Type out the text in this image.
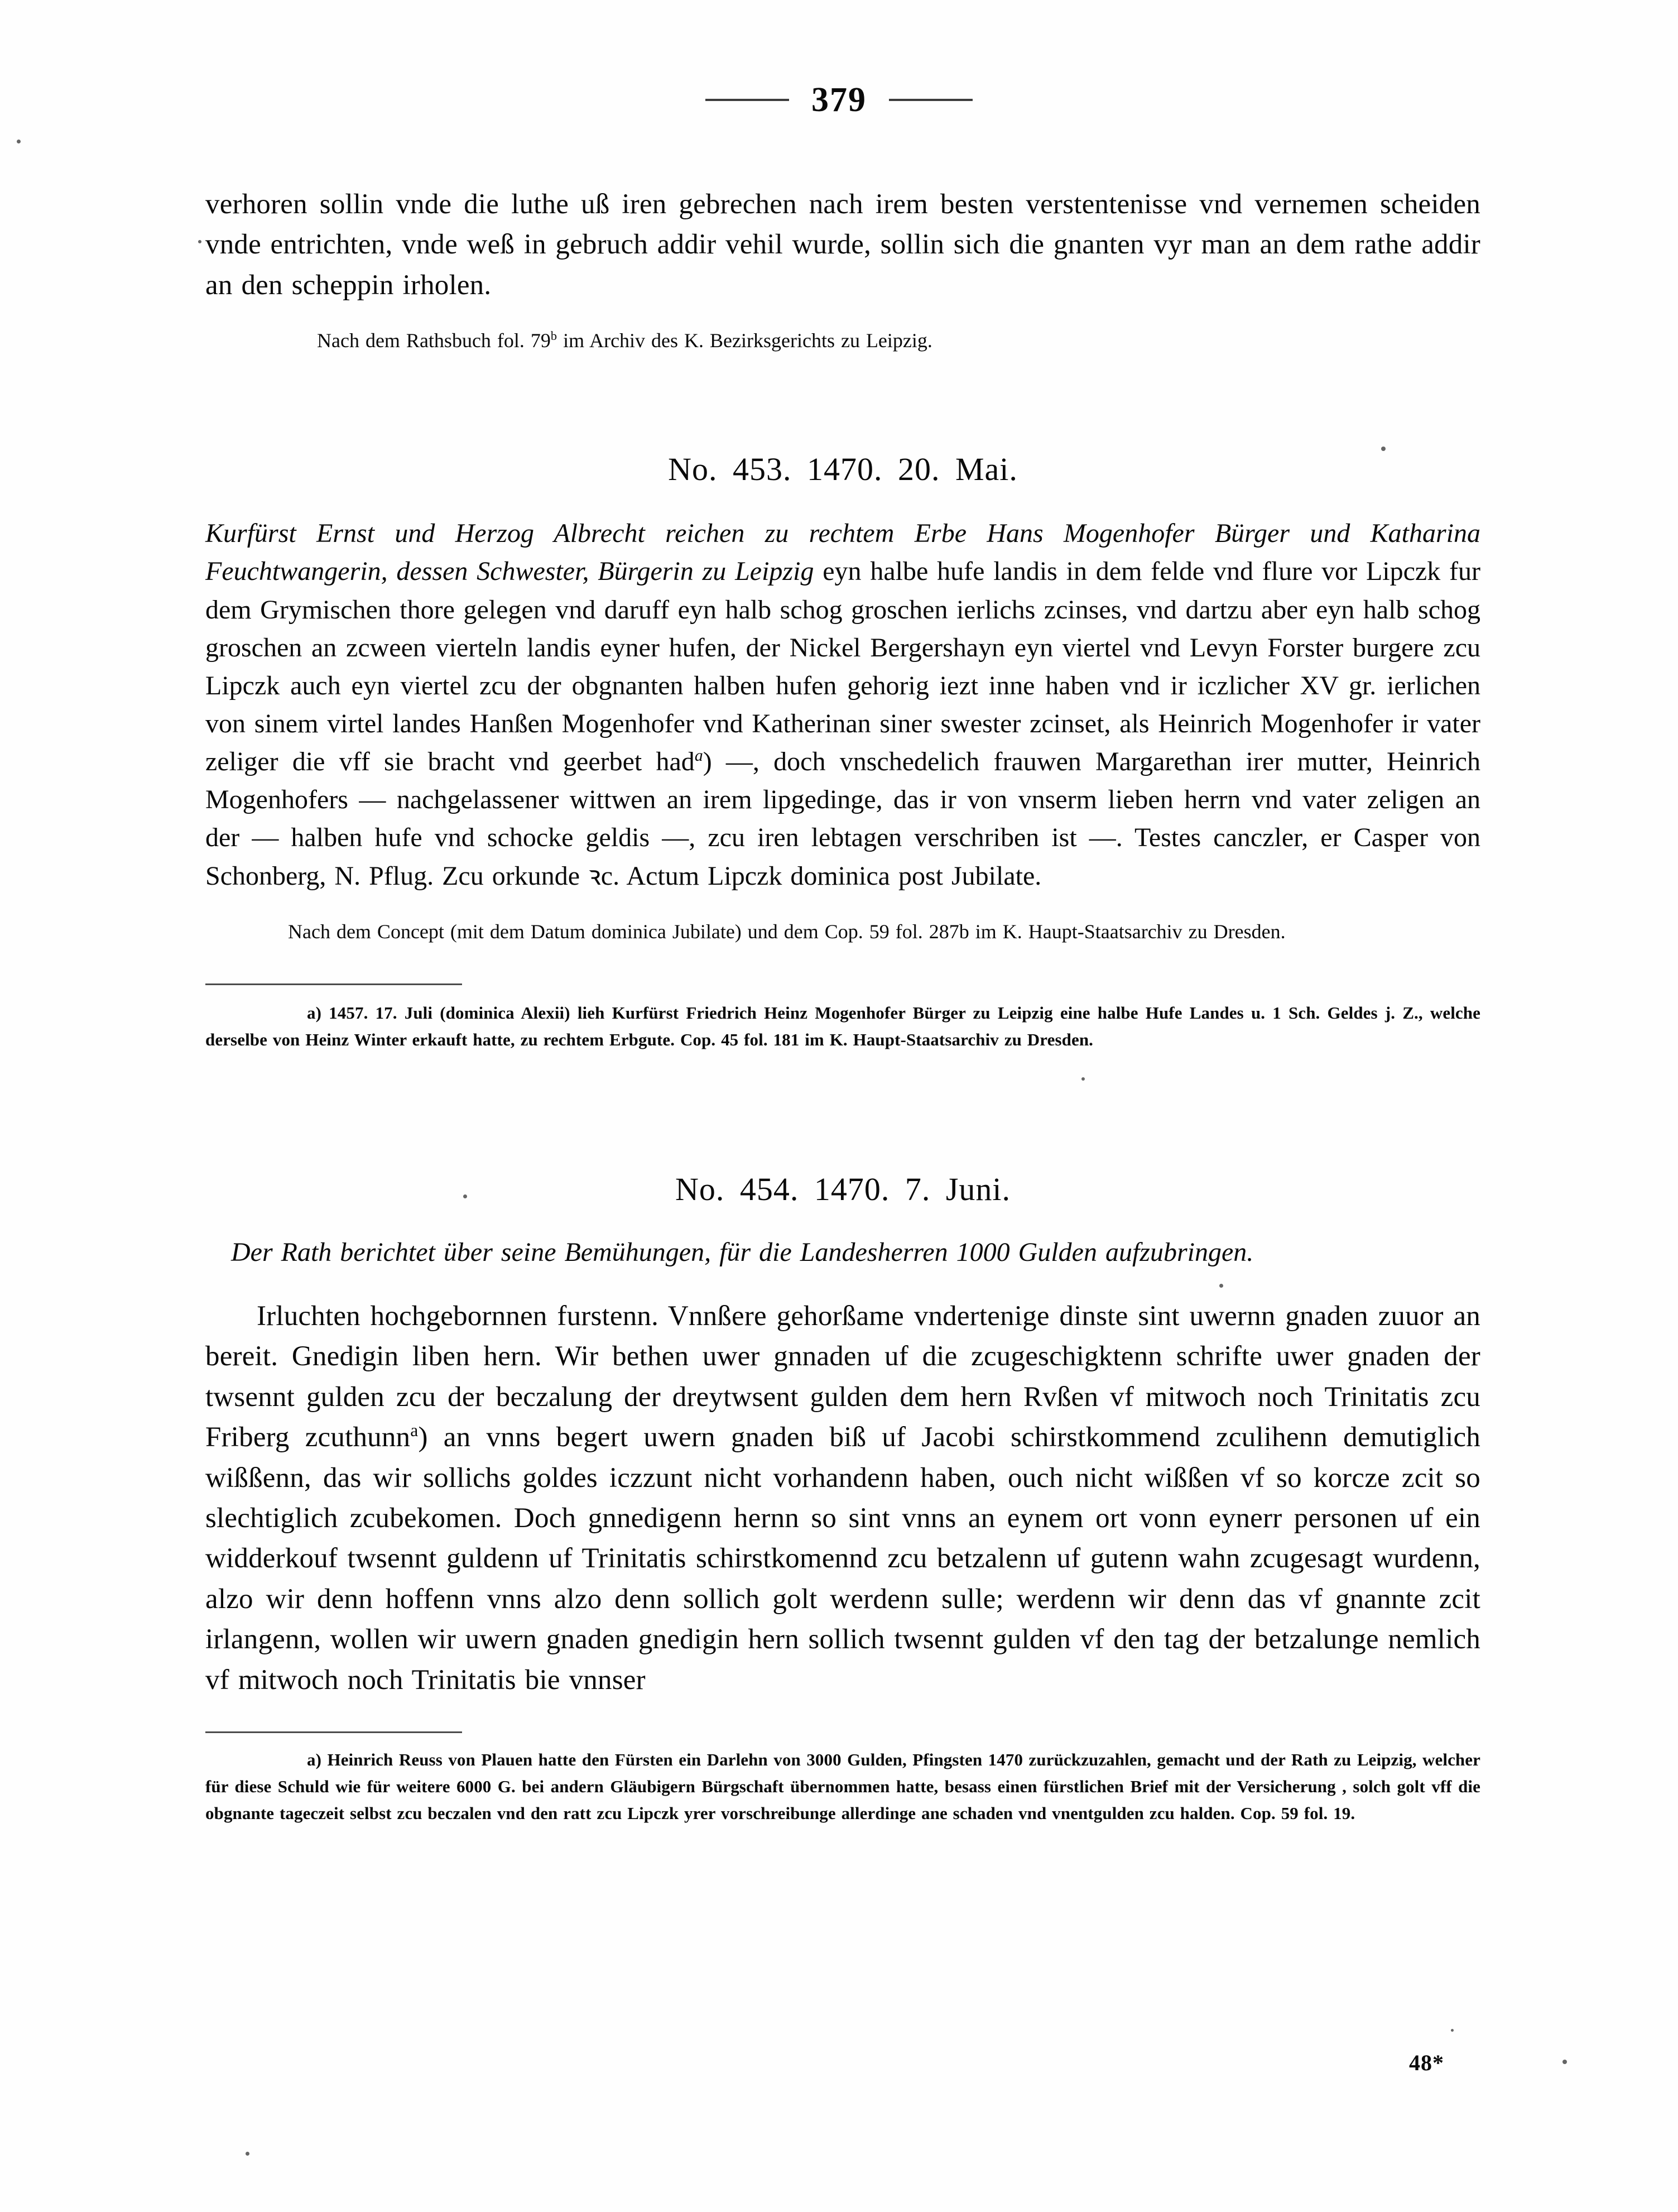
379

verhoren sollin vnde die luthe uß iren gebrechen nach irem besten verstentenisse vnd vernemen scheiden vnde entrichten, vnde weß in gebruch addir vehil wurde, sollin sich die gnanten vyr man an dem rathe addir an den scheppin irholen.

Nach dem Rathsbuch fol. 79$^b$ im Archiv des K. Bezirksgerichts zu Leipzig.

No. 453. 1470. 20. Mai.

Kurfürst Ernst und Herzog Albrecht reichen zu rechtem Erbe Hans Mogenhofer Bürger und Katharina Feuchtwangerin, dessen Schwester, Bürgerin zu Leipzig eyn halbe hufe landis in dem felde vnd flure vor Lipczk fur dem Grymischen thore gelegen vnd daruff eyn halb schog groschen ierlichs zcinses, vnd dartzu aber eyn halb schog groschen an zcween vierteln landis eyner hufen, der Nickel Bergershayn eyn viertel vnd Levyn Forster burgere zcu Lipczk auch eyn viertel zcu der obgnanten halben hufen gehorig iezt inne haben vnd ir iczlicher XV gr. ierlichen von sinem virtel landes Hanßen Mogenhofer vnd Katherinan siner swester zcinset, als Heinrich Mogenhofer ir vater zeliger die vff sie bracht vnd geerbet had$^a$) —, doch vnschedelich frauwen Margarethan irer mutter, Heinrich Mogenhofers — nachgelassener wittwen an irem lipgedinge, das ir von vnserm lieben herrn vnd vater zeligen an der — halben hufe vnd schocke geldis —, zcu iren lebtagen verschriben ist —. Testes canczler, er Casper von Schonberg, N. Pflug. Zcu orkunde ꝛc. Actum Lipczk dominica post Jubilate.

Nach dem Concept (mit dem Datum dominica Jubilate) und dem Cop. 59 fol. 287b im K. Haupt-Staatsarchiv zu Dresden.

a) 1457. 17. Juli (dominica Alexii) lieh Kurfürst Friedrich Heinz Mogenhofer Bürger zu Leipzig eine halbe Hufe Landes u. 1 Sch. Geldes j. Z., welche derselbe von Heinz Winter erkauft hatte, zu rechtem Erbgute. Cop. 45 fol. 181 im K. Haupt-Staatsarchiv zu Dresden.

No. 454. 1470. 7. Juni.

Der Rath berichtet über seine Bemühungen, für die Landesherren 1000 Gulden aufzubringen.

Irluchten hochgebornnen furstenn. Vnnßere gehorßame vndertenige dinste sint uwernn gnaden zuuor an bereit. Gnedigin liben hern. Wir bethen uwer gnnaden uf die zcugeschigktenn schrifte uwer gnaden der twsennt gulden zcu der beczalung der dreytwsent gulden dem hern Rvßen vf mitwoch noch Trinitatis zcu Friberg zcuthunn$^a$) an vnns begert uwern gnaden biß uf Jacobi schirstkommend zculihenn demutiglich wißßenn, das wir sollichs goldes iczzunt nicht vorhandenn haben, ouch nicht wißßen vf so korcze zcit so slechtiglich zcubekomen. Doch gnnedigenn hernn so sint vnns an eynem ort vonn eynerr personen uf ein widderkouf twsennt guldenn uf Trinitatis schirstkomennd zcu betzalenn uf gutenn wahn zcugesagt wurdenn, alzo wir denn hoffenn vnns alzo denn sollich golt werdenn sulle; werdenn wir denn das vf gnannte zcit irlangenn, wollen wir uwern gnaden gnedigin hern sollich twsennt gulden vf den tag der betzalunge nemlich vf mitwoch noch Trinitatis bie vnnser

a) Heinrich Reuss von Plauen hatte den Fürsten ein Darlehn von 3000 Gulden, Pfingsten 1470 zurückzuzahlen, gemacht und der Rath zu Leipzig, welcher für diese Schuld wie für weitere 6000 G. bei andern Gläubigern Bürgschaft übernommen hatte, besass einen fürstlichen Brief mit der Versicherung , solch golt vff die obgnante tageczeit selbst zcu beczalen vnd den ratt zcu Lipczk yrer vorschreibunge allerdinge ane schaden vnd vnentgulden zcu halden. Cop. 59 fol. 19.

48*
